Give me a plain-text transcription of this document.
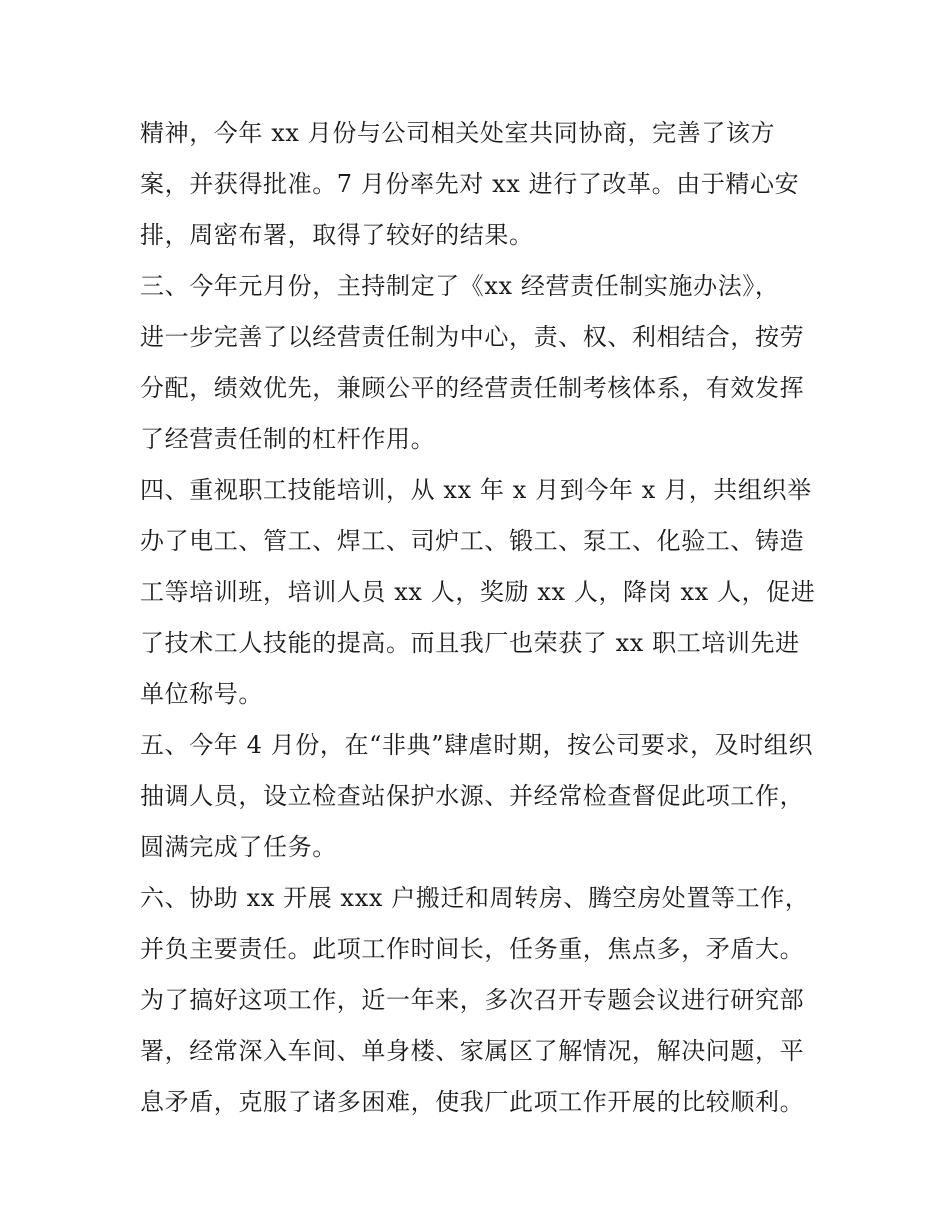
精神，今年 xx 月份与公司相关处室共同协商，完善了该方
案，并获得批准。7 月份率先对 xx 进行了改革。由于精心安
排，周密布署，取得了较好的结果。
三、今年元月份，主持制定了《xx 经营责任制实施办法》，
进一步完善了以经营责任制为中心，责、权、利相结合，按劳
分配，绩效优先，兼顾公平的经营责任制考核体系，有效发挥
了经营责任制的杠杆作用。
四、重视职工技能培训，从 xx 年 x 月到今年 x 月，共组织举
办了电工、管工、焊工、司炉工、锻工、泵工、化验工、铸造
工等培训班，培训人员 xx 人，奖励 xx 人，降岗 xx 人，促进
了技术工人技能的提高。而且我厂也荣获了 xx 职工培训先进
单位称号。
五、今年 4 月份，在“非典”肆虐时期，按公司要求，及时组织
抽调人员，设立检查站保护水源、并经常检查督促此项工作，
圆满完成了任务。
六、协助 xx 开展 xxx 户搬迁和周转房、腾空房处置等工作，
并负主要责任。此项工作时间长，任务重，焦点多，矛盾大。
为了搞好这项工作，近一年来，多次召开专题会议进行研究部
署，经常深入车间、单身楼、家属区了解情况，解决问题，平
息矛盾，克服了诸多困难，使我厂此项工作开展的比较顺利。
